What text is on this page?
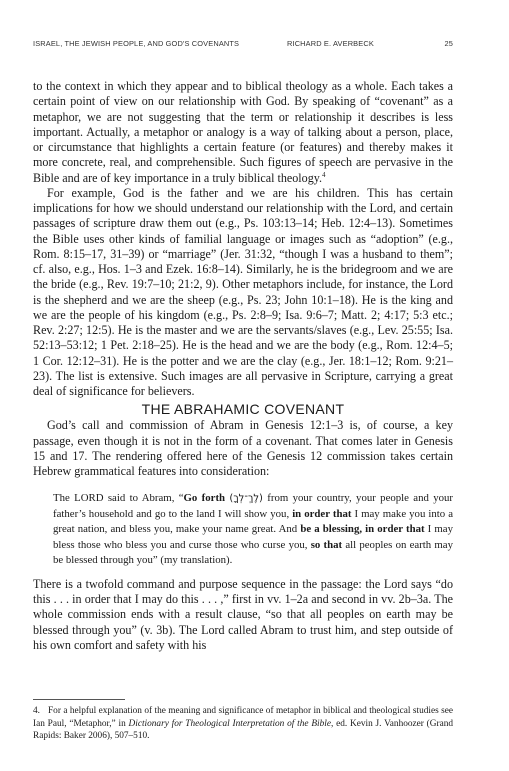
ISRAEL, THE JEWISH PEOPLE, AND GOD'S COVENANTS	RICHARD E. AVERBECK	25

to the context in which they appear and to biblical theology as a whole. Each takes a certain point of view on our relationship with God. By speaking of “covenant” as a metaphor, we are not suggesting that the term or relationship it describes is less important. Actually, a metaphor or analogy is a way of talking about a person, place, or circumstance that highlights a certain feature (or features) and thereby makes it more concrete, real, and comprehensible. Such figures of speech are pervasive in the Bible and are of key importance in a truly biblical theology.$^4$

For example, God is the father and we are his children. This has certain implications for how we should understand our relationship with the Lord, and certain passages of scripture draw them out (e.g., Ps. 103:13–14; Heb. 12:4–13). Sometimes the Bible uses other kinds of familial language or images such as “adoption” (e.g., Rom. 8:15–17, 31–39) or “marriage” (Jer. 31:32, “though I was a husband to them”; cf. also, e.g., Hos. 1–3 and Ezek. 16:8–14). Similarly, he is the bridegroom and we are the bride (e.g., Rev. 19:7–10; 21:2, 9). Other metaphors include, for instance, the Lord is the shepherd and we are the sheep (e.g., Ps. 23; John 10:1–18). He is the king and we are the people of his kingdom (e.g., Ps. 2:8–9; Isa. 9:6–7; Matt. 2; 4:17; 5:3 etc.; Rev. 2:27; 12:5). He is the master and we are the servants/slaves (e.g., Lev. 25:55; Isa. 52:13–53:12; 1 Pet. 2:18–25). He is the head and we are the body (e.g., Rom. 12:4–5; 1 Cor. 12:12–31). He is the potter and we are the clay (e.g., Jer. 18:1–12; Rom. 9:21–23). The list is extensive. Such images are all pervasive in Scripture, carrying a great deal of significance for believers.

THE ABRAHAMIC COVENANT

God’s call and commission of Abram in Genesis 12:1–3 is, of course, a key passage, even though it is not in the form of a covenant. That comes later in Genesis 15 and 17. The rendering offered here of the Genesis 12 commission takes certain Hebrew grammatical features into consideration:

The LORD said to Abram, “Go forth (לֶךְ־לְךָ) from your country, your people and your father’s household and go to the land I will show you, in order that I may make you into a great nation, and bless you, make your name great. And be a blessing, in order that I may bless those who bless you and curse those who curse you, so that all peoples on earth may be blessed through you” (my translation).

There is a twofold command and purpose sequence in the passage: the Lord says “do this . . . in order that I may do this . . . ,” first in vv. 1–2a and second in vv. 2b–3a. The whole commission ends with a result clause, “so that all peoples on earth may be blessed through you” (v. 3b). The Lord called Abram to trust him, and step outside of his own comfort and safety with his

4. For a helpful explanation of the meaning and significance of metaphor in biblical and theological studies see Ian Paul, “Metaphor,” in Dictionary for Theological Interpretation of the Bible, ed. Kevin J. Vanhoozer (Grand Rapids: Baker 2006), 507–510.
